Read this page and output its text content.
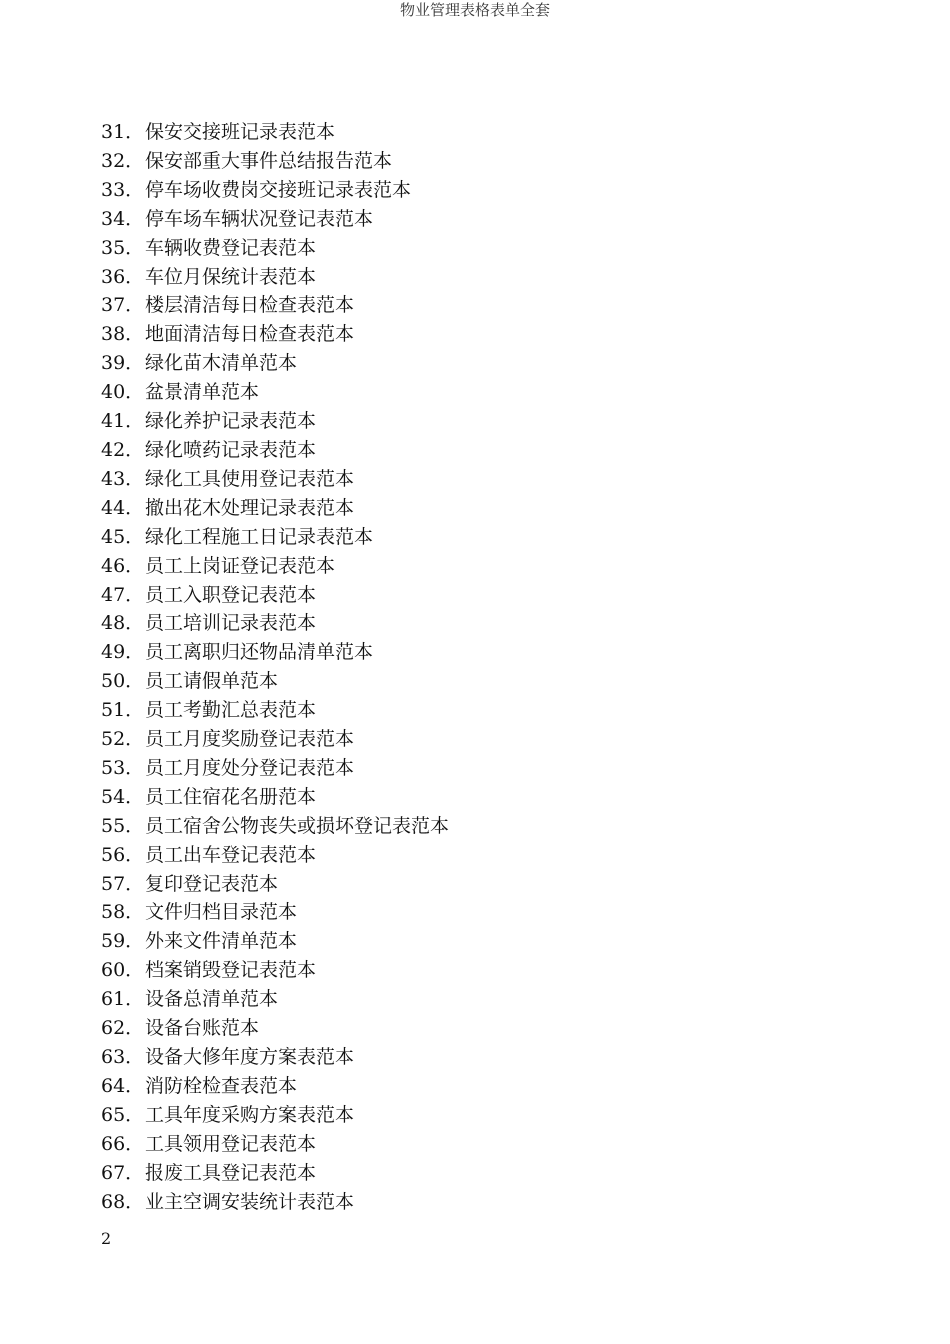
物业管理表格表单全套
31．保安交接班记录表范本
32．保安部重大事件总结报告范本
33．停车场收费岗交接班记录表范本
34．停车场车辆状况登记表范本
35．车辆收费登记表范本
36．车位月保统计表范本
37．楼层清洁每日检查表范本
38．地面清洁每日检查表范本
39．绿化苗木清单范本
40．盆景清单范本
41．绿化养护记录表范本
42．绿化喷药记录表范本
43．绿化工具使用登记表范本
44．撤出花木处理记录表范本
45．绿化工程施工日记录表范本
46．员工上岗证登记表范本
47．员工入职登记表范本
48．员工培训记录表范本
49．员工离职归还物品清单范本
50．员工请假单范本
51．员工考勤汇总表范本
52．员工月度奖励登记表范本
53．员工月度处分登记表范本
54．员工住宿花名册范本
55．员工宿舍公物丧失或损坏登记表范本
56．员工出车登记表范本
57．复印登记表范本
58．文件归档目录范本
59．外来文件清单范本
60．档案销毁登记表范本
61．设备总清单范本
62．设备台账范本
63．设备大修年度方案表范本
64．消防栓检查表范本
65．工具年度采购方案表范本
66．工具领用登记表范本
67．报废工具登记表范本
68．业主空调安装统计表范本
2
